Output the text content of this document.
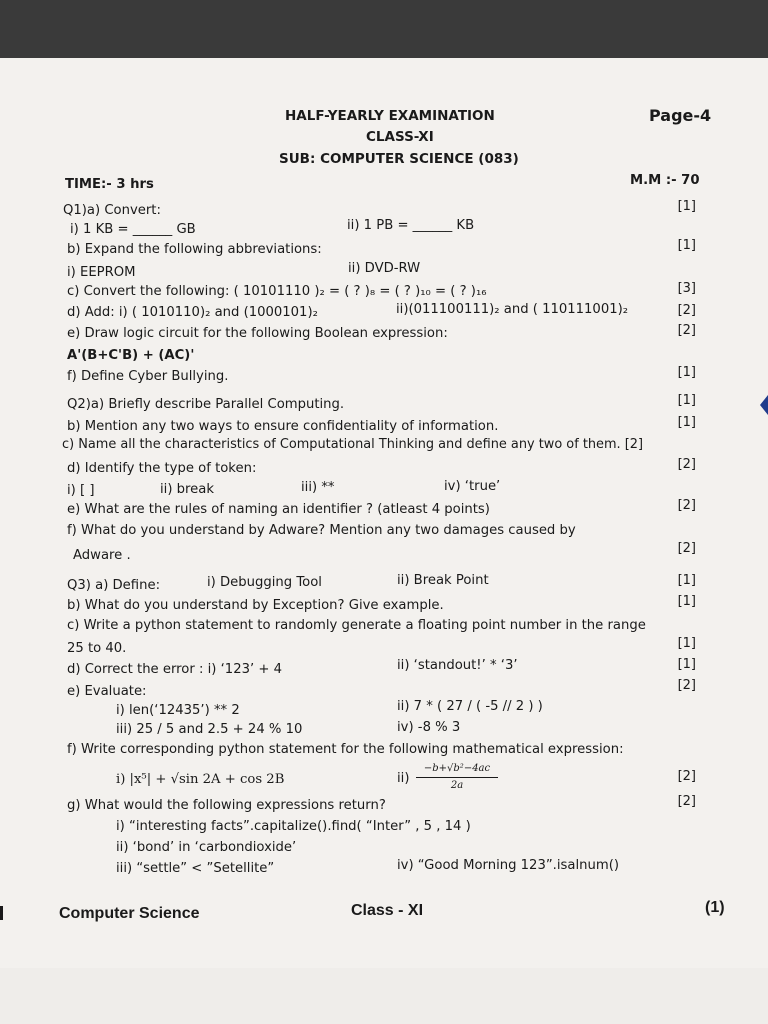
HALF-YEARLY EXAMINATION	Page-4
CLASS-XI
SUB: COMPUTER SCIENCE (083)
TIME:- 3 hrs	M.M :- 70
Q1)a) Convert:	[1]
i) 1 KB = ______ GB	ii) 1 PB = ______ KB
b) Expand the following abbreviations:	[1]
i) EEPROM	ii) DVD-RW
c) Convert the following: ( 10101110 )₂ = ( ? )₈ = ( ? )₁₀ = ( ? )₁₆	[3]
d) Add: i) ( 1010110)₂ and (1000101)₂	ii)(011100111)₂ and ( 110111001)₂	[2]
e) Draw logic circuit for the following Boolean expression:	[2]
A'(B+C'B) + (AC)'
f) Define Cyber Bullying.	[1]
Q2)a) Briefly describe Parallel Computing.	[1]
b) Mention any two ways to ensure confidentiality of information.	[1]
c) Name all the characteristics of Computational Thinking and define any two of them. [2]
d) Identify the type of token:	[2]
i) [ ]	ii) break	iii) **	iv) ‘true’
e) What are the rules of naming an identifier ? (atleast 4 points)	[2]
f) What do you understand by Adware? Mention any two damages caused by
Adware .	[2]
Q3) a) Define:	i) Debugging Tool	ii) Break Point	[1]
b) What do you understand by Exception? Give example.	[1]
c) Write a python statement to randomly generate a floating point number in the range
25 to 40.	[1]
d) Correct the error : i) ‘123’ + 4	ii) ‘standout!’ * ‘3’	[1]
e) Evaluate:	[2]
i) len(‘12435’) ** 2	ii) 7 * ( 27 / ( -5 // 2 ) )
iii) 25 / 5 and 2.5 + 24 % 10	iv) -8 % 3
f) Write corresponding python statement for the following mathematical expression:
i) |x⁵| + √sin 2A + cos 2B	ii)
−b+√b²−4ac
2a
[2]
g) What would the following expressions return?	[2]
i) “interesting facts”.capitalize().find( “Inter” , 5 , 14 )
ii) ‘bond’ in ‘carbondioxide’
iii) “settle” < ”Setellite”	iv) “Good Morning 123”.isalnum()
Computer Science	Class - XI	(1)
